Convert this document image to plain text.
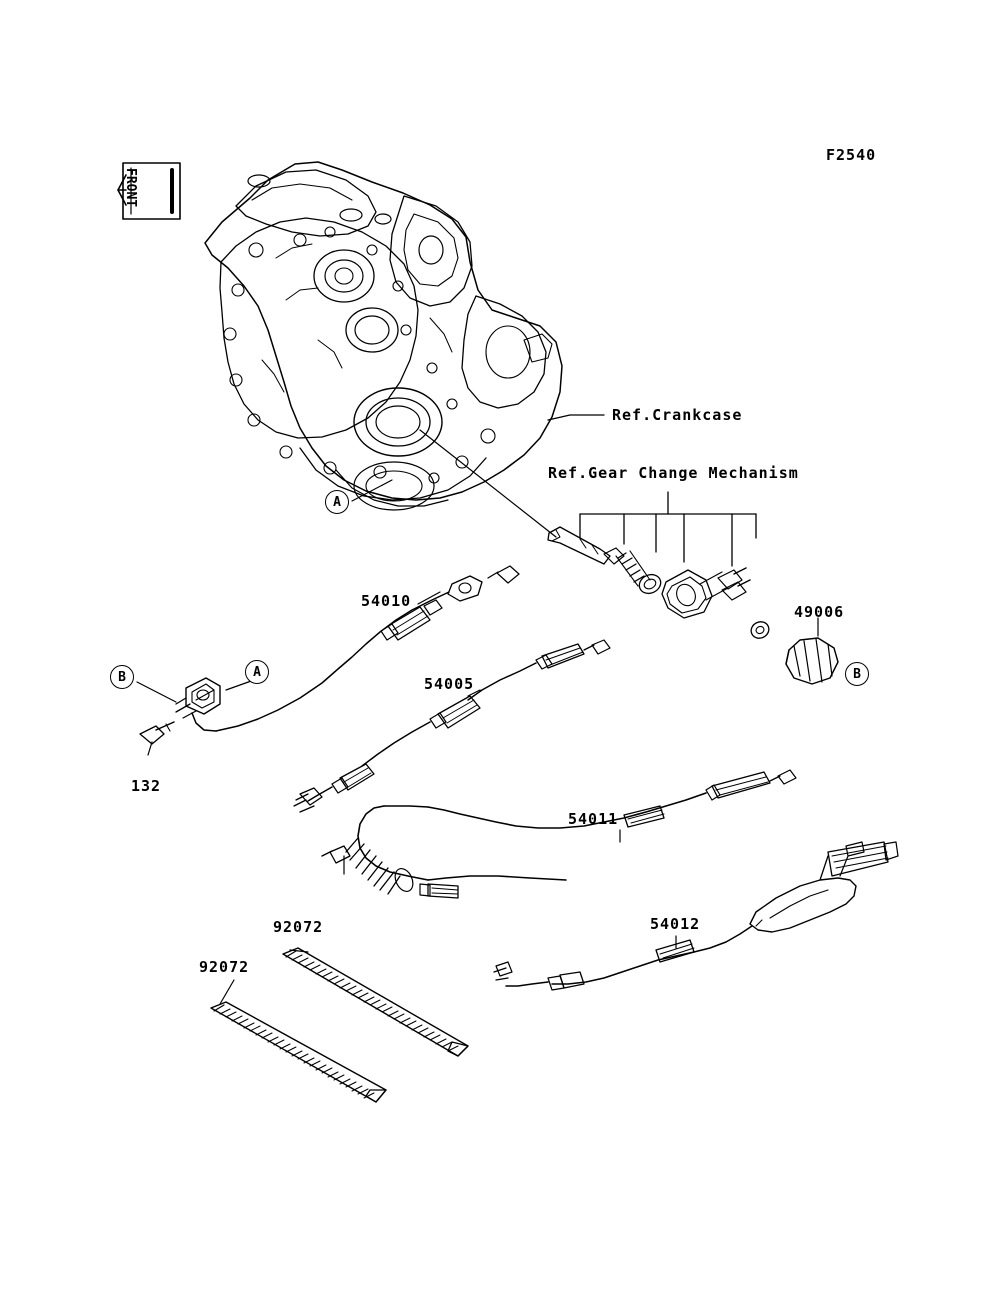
FRONT
F2540
Ref.Crankcase
Ref.Gear Change Mechanism
54010
54005
54011
54012
49006
132
92072
92072
A
A
B	B
